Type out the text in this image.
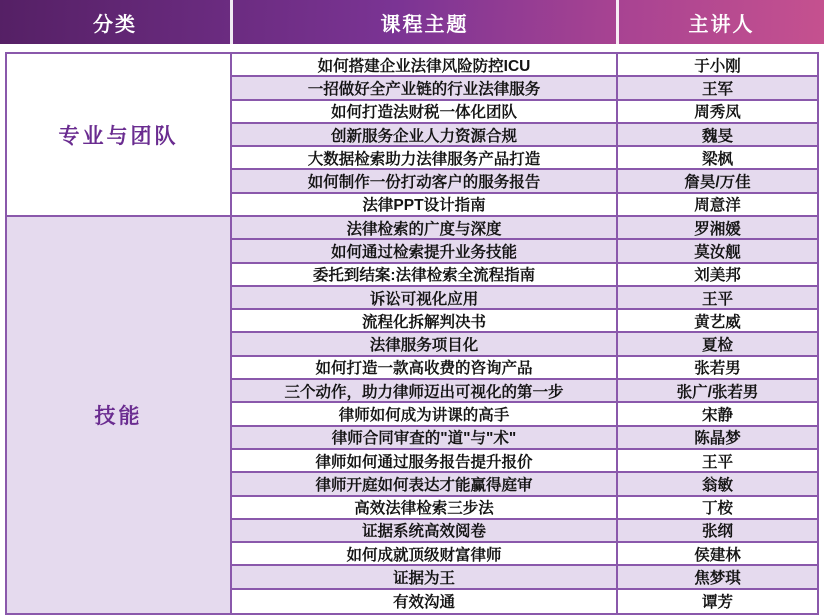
分类	课程主题	主讲人
专业与团队
如何搭建企业法律风险防控ICU	于小刚
一招做好全产业链的行业法律服务	王军
如何打造法财税一体化团队	周秀凤
创新服务企业人力资源合规	魏旻
大数据检索助力法律服务产品打造	梁枫
如何制作一份打动客户的服务报告	詹昊/万佳
法律PPT设计指南	周意洋
技能
法律检索的广度与深度	罗湘媛
如何通过检索提升业务技能	莫汝舰
委托到结案:法律检索全流程指南	刘美邦
诉讼可视化应用	王平
流程化拆解判决书	黄艺威
法律服务项目化	夏检
如何打造一款高收费的咨询产品	张若男
三个动作，助力律师迈出可视化的第一步	张广/张若男
律师如何成为讲课的高手	宋静
律师合同审查的"道"与"术"	陈晶梦
律师如何通过服务报告提升报价	王平
律师开庭如何表达才能赢得庭审	翁敏
高效法律检索三步法	丁桉
证据系统高效阅卷	张纲
如何成就顶级财富律师	侯建林
证据为王	焦梦琪
有效沟通	谭芳
